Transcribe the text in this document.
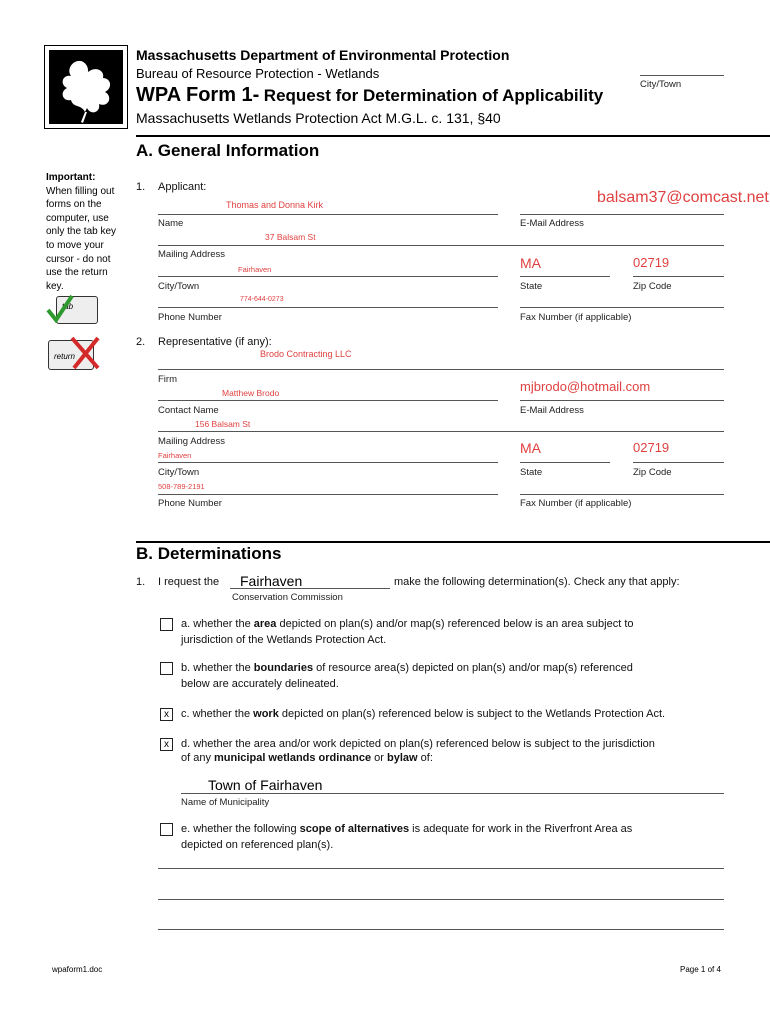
Massachusetts Department of Environmental Protection
Bureau of Resource Protection - Wetlands
WPA Form 1- Request for Determination of Applicability
Massachusetts Wetlands Protection Act M.G.L. c. 131, §40
City/Town
Important:
When filling out
forms on the
computer, use
only the tab key
to move your
cursor - do not
use the return
key.
tab
return
A. General Information
1. Applicant:
Thomas and Donna Kirk	balsam37@comcast.net
Name	E-Mail Address
37 Balsam St
Mailing Address
Fairhaven	MA	02719
City/Town	State	Zip Code
774-644-0273
Phone Number	Fax Number (if applicable)
2. Representative (if any):
Brodo Contracting LLC
Firm
Matthew Brodo	mjbrodo@hotmail.com
Contact Name	E-Mail Address
156 Balsam St
Mailing Address
Fairhaven	MA	02719
City/Town	State	Zip Code
508-789-2191
Phone Number	Fax Number (if applicable)
B. Determinations
1. I request the Fairhaven	make the following determination(s). Check any that apply:
Conservation Commission
a. whether the area depicted on plan(s) and/or map(s) referenced below is an area subject to
jurisdiction of the Wetlands Protection Act.
b. whether the boundaries of resource area(s) depicted on plan(s) and/or map(s) referenced
below are accurately delineated.
x	c. whether the work depicted on plan(s) referenced below is subject to the Wetlands Protection Act.
x	d. whether the area and/or work depicted on plan(s) referenced below is subject to the jurisdiction
of any municipal wetlands ordinance or bylaw of:
Town of Fairhaven
Name of Municipality
e. whether the following scope of alternatives is adequate for work in the Riverfront Area as
depicted on referenced plan(s).
wpaform1.doc	Page 1 of 4
